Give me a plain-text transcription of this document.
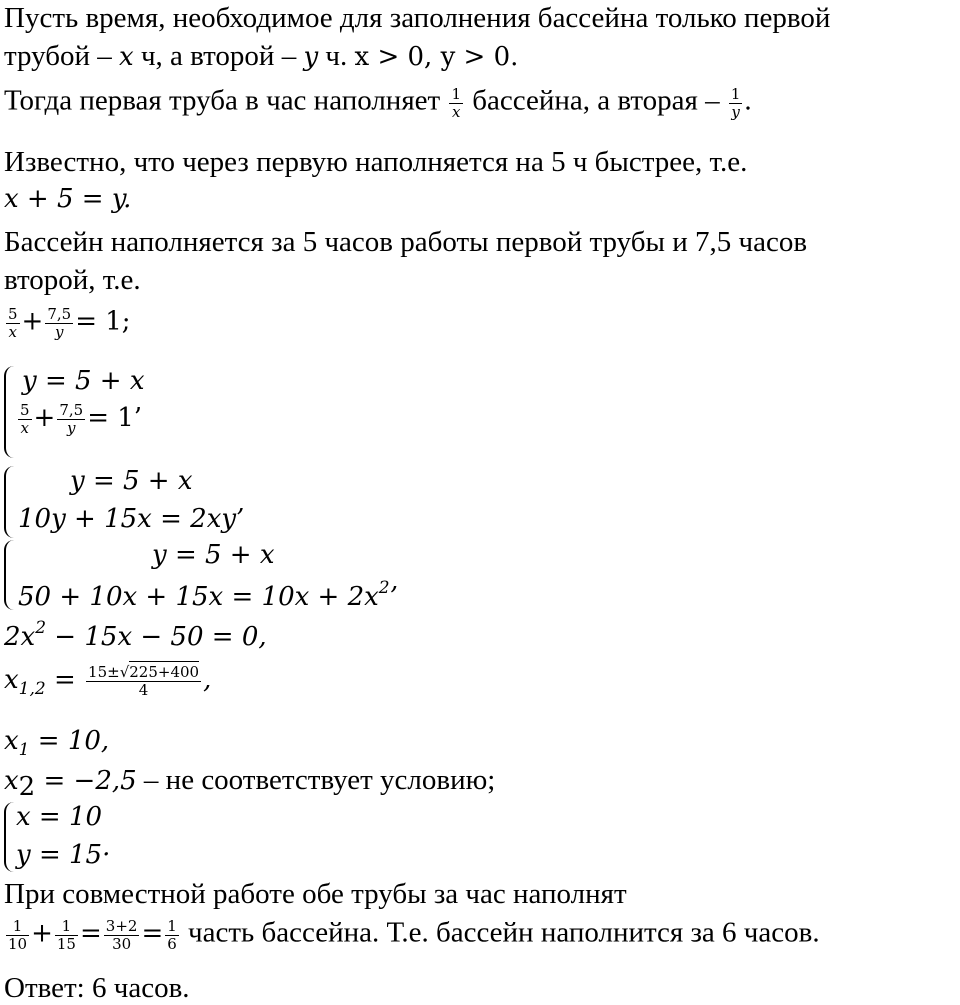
Пусть время, необходимое для заполнения бассейна только первой
трубой – x ч, а второй – y ч. x > 0, y > 0.
Тогда первая труба в час наполняет $\frac{1}{x}$ бассейна, а вторая – $\frac{1}{y}$ .
Известно, что через первую наполняется на 5 ч быстрее, т.е.
x + 5 = y.
Бассейн наполняется за 5 часов работы первой трубы и 7,5 часов
второй, т.е.
$\frac{5}{x} + \frac{7,5}{y} = 1$;
y = 5 + x
$\frac{5}{x} + \frac{7,5}{y} = 1$’
y = 5 + x
10y + 15x = 2xy’
y = 5 + x
$50 + 10x + 15x = 10x + 2x^2$’
$2x^2 - 15x - 50 = 0$,
$x_{1,2} = \frac{15\pm√225+400}{4}$ ,
$x_1 = 10$,
$x_2 = -2,5$ – не соответствует условию;
x = 10
y = 15·
При совместной работе обе трубы за час наполнят
$\frac{1}{10} + \frac{1}{15} = \frac{3+2}{30} = \frac{1}{6}$ часть бассейна. Т.е. бассейн наполнится за 6 часов.
Ответ: 6 часов.
